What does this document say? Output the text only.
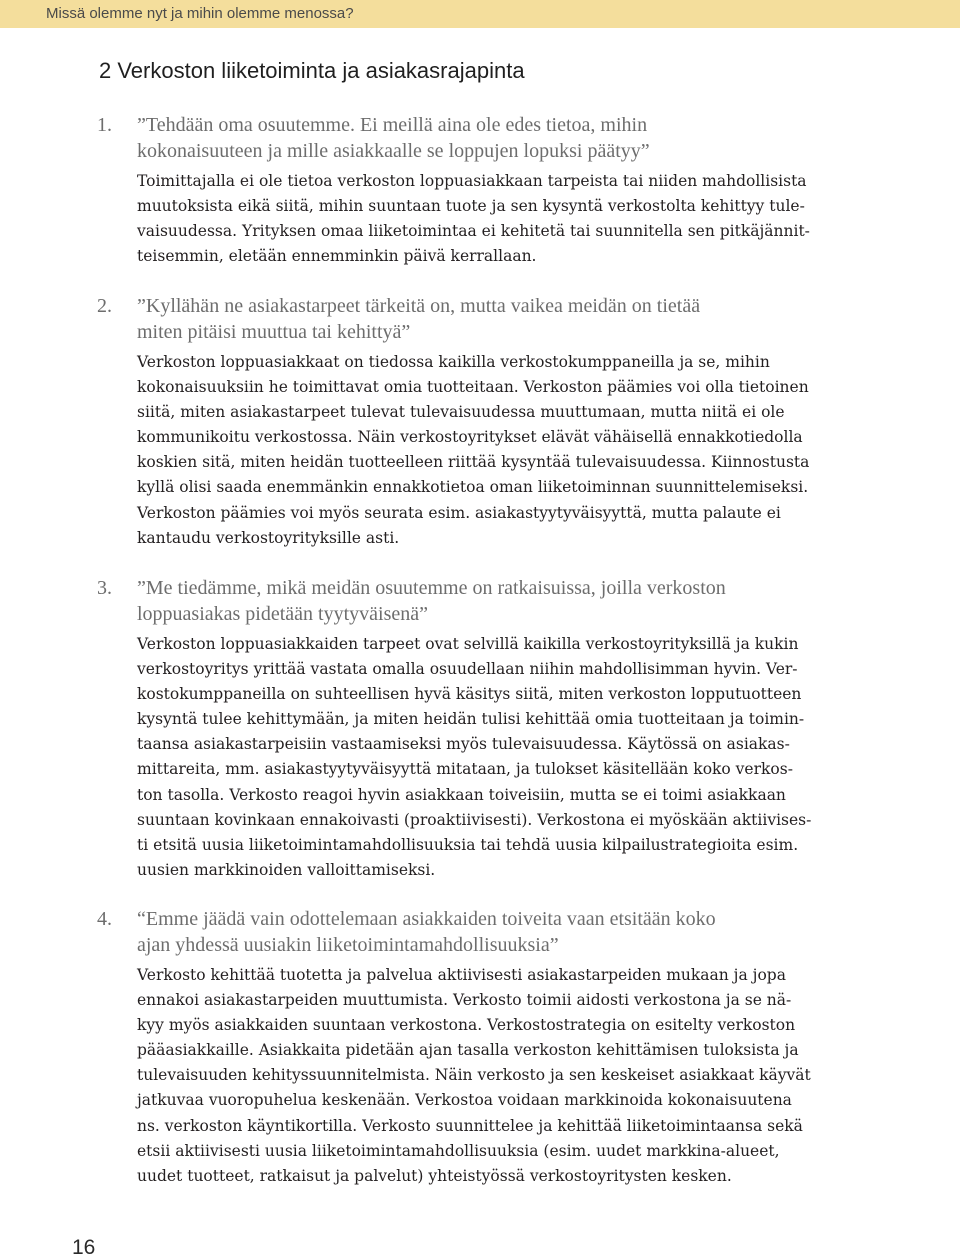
Missä olemme nyt ja mihin olemme menossa?
2 Verkoston liiketoiminta ja asiakasrajapinta
1. ”Tehdään oma osuutemme. Ei meillä aina ole edes tietoa, mihin
kokonaisuuteen ja mille asiakkaalle se loppujen lopuksi päätyy”

Toimittajalla ei ole tietoa verkoston loppuasiakkaan tarpeista tai niiden mahdollisista
muutoksista eikä siitä, mihin suuntaan tuote ja sen kysyntä verkostolta kehittyy tule-
vaisuudessa. Yrityksen omaa liiketoimintaa ei kehitetä tai suunnitella sen pitkäjännit-
teisemmin, eletään ennemminkin päivä kerrallaan.

2. ”Kyllähän ne asiakastarpeet tärkeitä on, mutta vaikea meidän on tietää
miten pitäisi muuttua tai kehittyä”

Verkoston loppuasiakkaat on tiedossa kaikilla verkostokumppaneilla ja se, mihin
kokonaisuuksiin he toimittavat omia tuotteitaan. Verkoston päämies voi olla tietoinen
siitä, miten asiakastarpeet tulevat tulevaisuudessa muuttumaan, mutta niitä ei ole
kommunikoitu verkostossa. Näin verkostoyritykset elävät vähäisellä ennakkotiedolla
koskien sitä, miten heidän tuotteelleen riittää kysyntää tulevaisuudessa. Kiinnostusta
kyllä olisi saada enemmänkin ennakkotietoa oman liiketoiminnan suunnittelemiseksi.
Verkoston päämies voi myös seurata esim. asiakastyytyväisyyttä, mutta palaute ei
kantaudu verkostoyrityksille asti.

3. ”Me tiedämme, mikä meidän osuutemme on ratkaisuissa, joilla verkoston
loppuasiakas pidetään tyytyväisenä”

Verkoston loppuasiakkaiden tarpeet ovat selvillä kaikilla verkostoyrityksillä ja kukin
verkostoyritys yrittää vastata omalla osuudellaan niihin mahdollisimman hyvin. Ver-
kostokumppaneilla on suhteellisen hyvä käsitys siitä, miten verkoston lopputuotteen
kysyntä tulee kehittymään, ja miten heidän tulisi kehittää omia tuotteitaan ja toimin-
taansa asiakastarpeisiin vastaamiseksi myös tulevaisuudessa. Käytössä on asiakas-
mittareita, mm. asiakastyytyväisyyttä mitataan, ja tulokset käsitellään koko verkos-
ton tasolla. Verkosto reagoi hyvin asiakkaan toiveisiin, mutta se ei toimi asiakkaan
suuntaan kovinkaan ennakoivasti (proaktiivisesti). Verkostona ei myöskään aktiivises-
ti etsitä uusia liiketoimintamahdollisuuksia tai tehdä uusia kilpailustrategioita esim.
uusien markkinoiden valloittamiseksi.

4. “Emme jäädä vain odottelemaan asiakkaiden toiveita vaan etsitään koko
ajan yhdessä uusiakin liiketoimintamahdollisuuksia”

Verkosto kehittää tuotetta ja palvelua aktiivisesti asiakastarpeiden mukaan ja jopa
ennakoi asiakastarpeiden muuttumista. Verkosto toimii aidosti verkostona ja se nä-
kyy myös asiakkaiden suuntaan verkostona. Verkostostrategia on esitelty verkoston
pääasiakkaille. Asiakkaita pidetään ajan tasalla verkoston kehittämisen tuloksista ja
tulevaisuuden kehityssuunnitelmista. Näin verkosto ja sen keskeiset asiakkaat käyvät
jatkuvaa vuoropuhelua keskenään. Verkostoa voidaan markkinoida kokonaisuutena
ns. verkoston käyntikortilla. Verkosto suunnittelee ja kehittää liiketoimintaansa sekä
etsii aktiivisesti uusia liiketoimintamahdollisuuksia (esim. uudet markkina-alueet,
uudet tuotteet, ratkaisut ja palvelut) yhteistyössä verkostoyritysten kesken.

16
